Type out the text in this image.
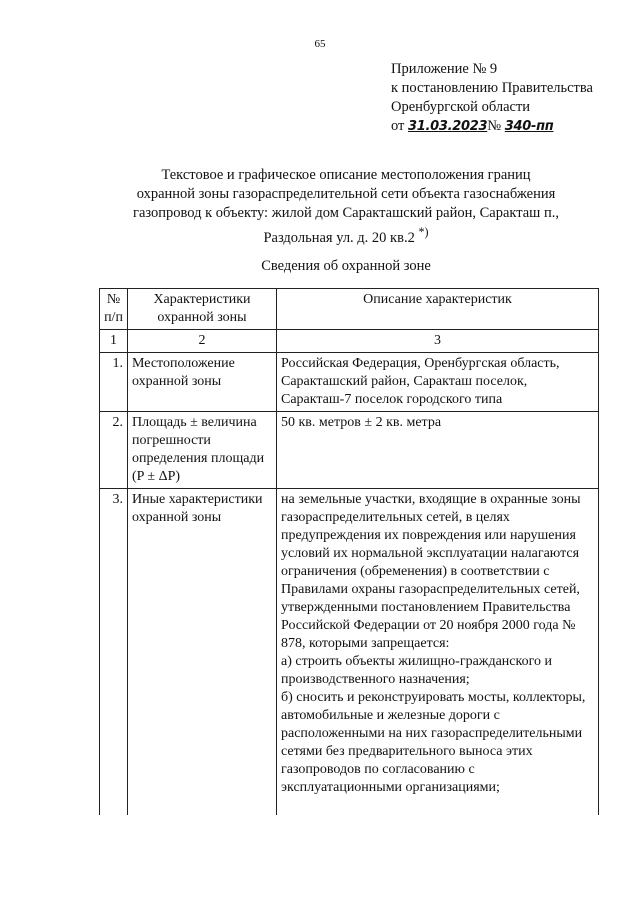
65
Приложение № 9
к постановлению Правительства
Оренбургской области
от 31.03.2023№ 340-пп
Текстовое и графическое описание местоположения границ
охранной зоны газораспределительной сети объекта газоснабжения
газопровод к объекту: жилой дом Саракташский район, Саракташ п.,
Раздольная ул. д. 20 кв.2 *)
Сведения об охранной зоне
№ п/п	Характеристики охранной зоны	Описание характеристик
1	2	3
1.	Местоположение охранной зоны	Российская Федерация, Оренбургская область, Саракташский район, Саракташ поселок, Саракташ-7 поселок городского типа
2.	Площадь ± величина погрешности определения площади (P ± ΔP)	50 кв. метров ± 2 кв. метра
3.	Иные характеристики охранной зоны	на земельные участки, входящие в охранные зоны газораспределительных сетей, в целях предупреждения их повреждения или нарушения условий их нормальной эксплуатации налагаются ограничения (обременения) в соответствии с Правилами охраны газораспределительных сетей, утвержденными постановлением Правительства Российской Федерации от 20 ноября 2000 года № 878, которыми запрещается:
а) строить объекты жилищно-гражданского и производственного назначения;
б) сносить и реконструировать мосты, коллекторы, автомобильные и железные дороги с расположенными на них газораспределительными сетями без предварительного выноса этих газопроводов по согласованию с эксплуатационными организациями;
